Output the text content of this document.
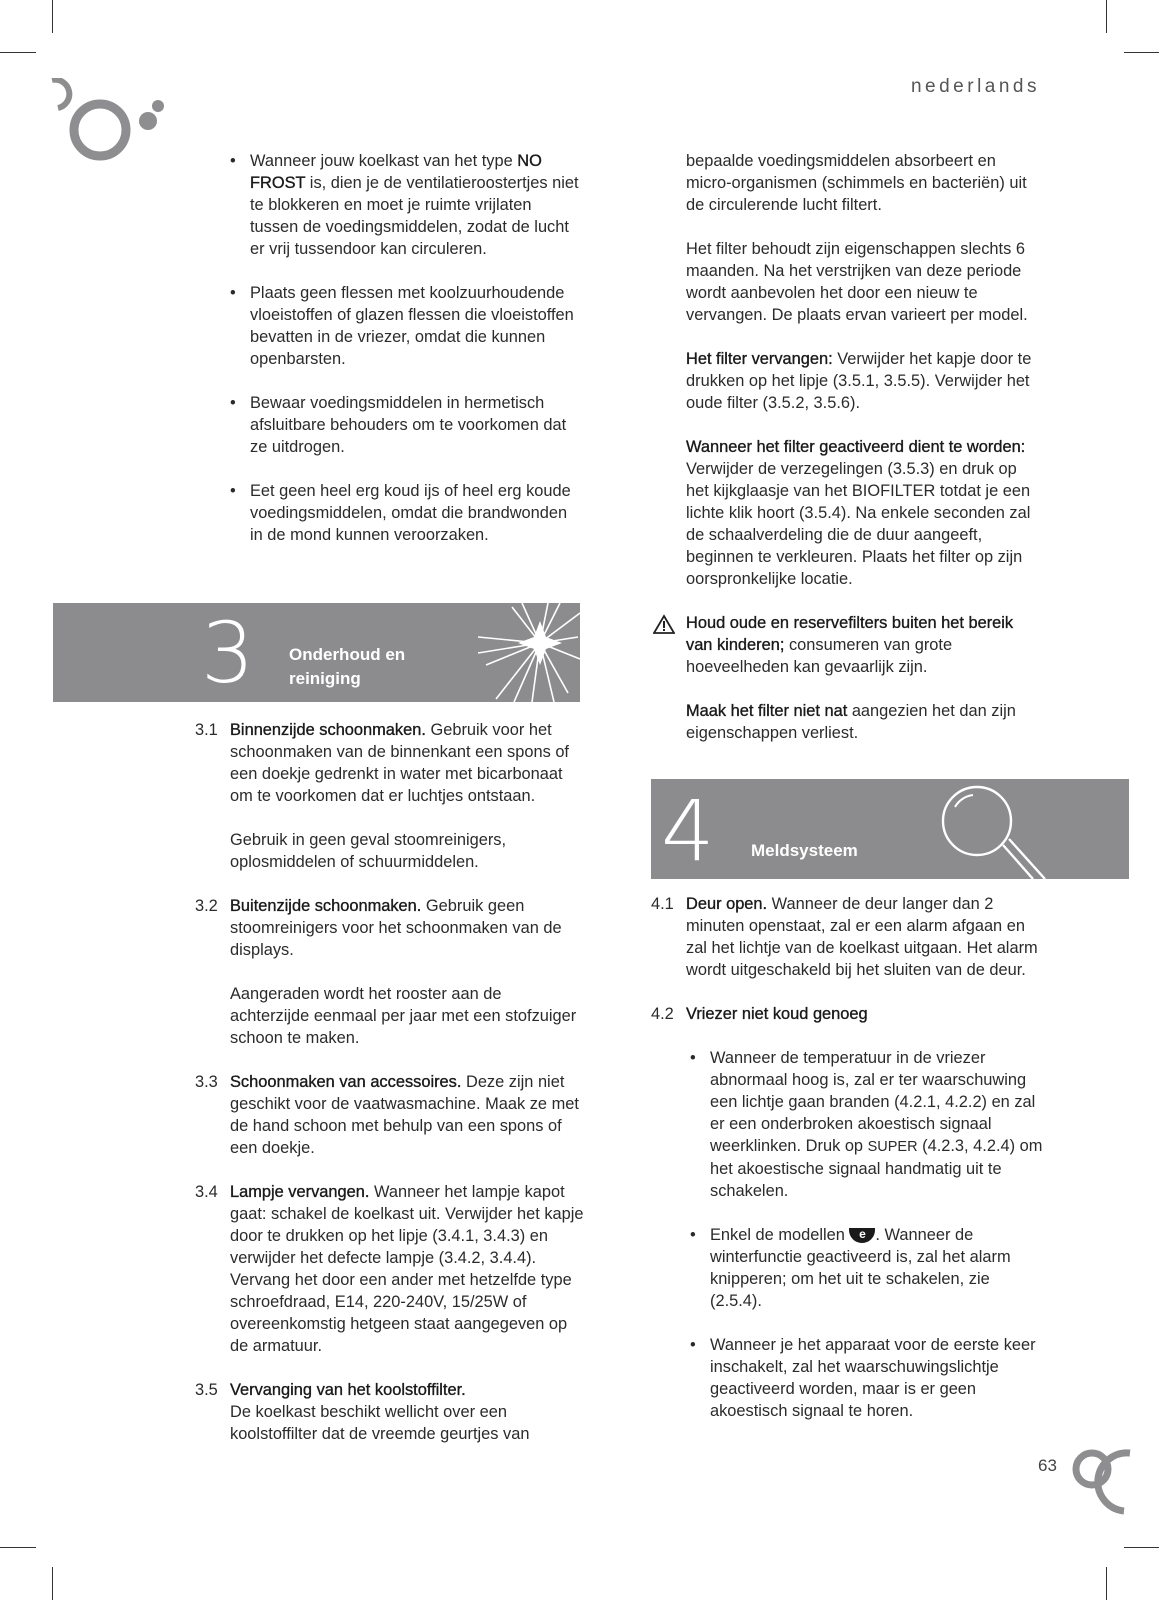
nederlands
• Wanneer jouw koelkast van het type NO FROST is, dien je de ventilatieroostertjes niet te blokkeren en moet je ruimte vrijlaten tussen de voedingsmiddelen, zodat de lucht er vrij tussendoor kan circuleren.
• Plaats geen flessen met koolzuurhoudende vloeistoffen of glazen flessen die vloeistoffen bevatten in de vriezer, omdat die kunnen openbarsten.
• Bewaar voedingsmiddelen in hermetisch afsluitbare behouders om te voorkomen dat ze uitdrogen.
• Eet geen heel erg koud ijs of heel erg koude voedingsmiddelen, omdat die brandwonden in de mond kunnen veroorzaken.
3 Onderhoud en
reiniging
3.1 Binnenzijde schoonmaken. Gebruik voor het schoonmaken van de binnenkant een spons of een doekje gedrenkt in water met bicarbonaat om te voorkomen dat er luchtjes ontstaan.

Gebruik in geen geval stoomreinigers, oplosmiddelen of schuurmiddelen.

3.2 Buitenzijde schoonmaken. Gebruik geen stoomreinigers voor het schoonmaken van de displays.

Aangeraden wordt het rooster aan de achterzijde eenmaal per jaar met een stofzuiger schoon te maken.

3.3 Schoonmaken van accessoires. Deze zijn niet geschikt voor de vaatwasmachine. Maak ze met de hand schoon met behulp van een spons of een doekje.

3.4 Lampje vervangen. Wanneer het lampje kapot gaat: schakel de koelkast uit. Verwijder het kapje door te drukken op het lipje (3.4.1, 3.4.3) en verwijder het defecte lampje (3.4.2, 3.4.4). Vervang het door een ander met hetzelfde type schroefdraad, E14, 220-240V, 15/25W of overeenkomstig hetgeen staat aangegeven op de armatuur.

3.5 Vervanging van het koolstoffilter.
De koelkast beschikt wellicht over een koolstoffilter dat de vreemde geurtjes van

bepaalde voedingsmiddelen absorbeert en micro-organismen (schimmels en bacteriën) uit de circulerende lucht filtert.

Het filter behoudt zijn eigenschappen slechts 6 maanden. Na het verstrijken van deze periode wordt aanbevolen het door een nieuw te vervangen. De plaats ervan varieert per model.

Het filter vervangen: Verwijder het kapje door te drukken op het lipje (3.5.1, 3.5.5). Verwijder het oude filter (3.5.2, 3.5.6).

Wanneer het filter geactiveerd dient te worden: Verwijder de verzegelingen (3.5.3) en druk op het kijkglaasje van het BIOFILTER totdat je een lichte klik hoort (3.5.4). Na enkele seconden zal de schaalverdeling die de duur aangeeft, beginnen te verkleuren. Plaats het filter op zijn oorspronkelijke locatie.

Houd oude en reservefilters buiten het bereik van kinderen; consumeren van grote hoeveelheden kan gevaarlijk zijn.

Maak het filter niet nat aangezien het dan zijn eigenschappen verliest.

4 Meldsysteem
4.1 Deur open. Wanneer de deur langer dan 2 minuten openstaat, zal er een alarm afgaan en zal het lichtje van de koelkast uitgaan. Het alarm wordt uitgeschakeld bij het sluiten van de deur.

4.2 Vriezer niet koud genoeg

• Wanneer de temperatuur in de vriezer abnormaal hoog is, zal er ter waarschuwing een lichtje gaan branden (4.2.1, 4.2.2) en zal er een onderbroken akoestisch signaal weerklinken. Druk op SUPER (4.2.3, 4.2.4) om het akoestische signaal handmatig uit te schakelen.
• Enkel de modellen e . Wanneer de winterfunctie geactiveerd is, zal het alarm knipperen; om het uit te schakelen, zie (2.5.4).
• Wanneer je het apparaat voor de eerste keer inschakelt, zal het waarschuwingslichtje geactiveerd worden, maar is er geen akoestisch signaal te horen.
63
